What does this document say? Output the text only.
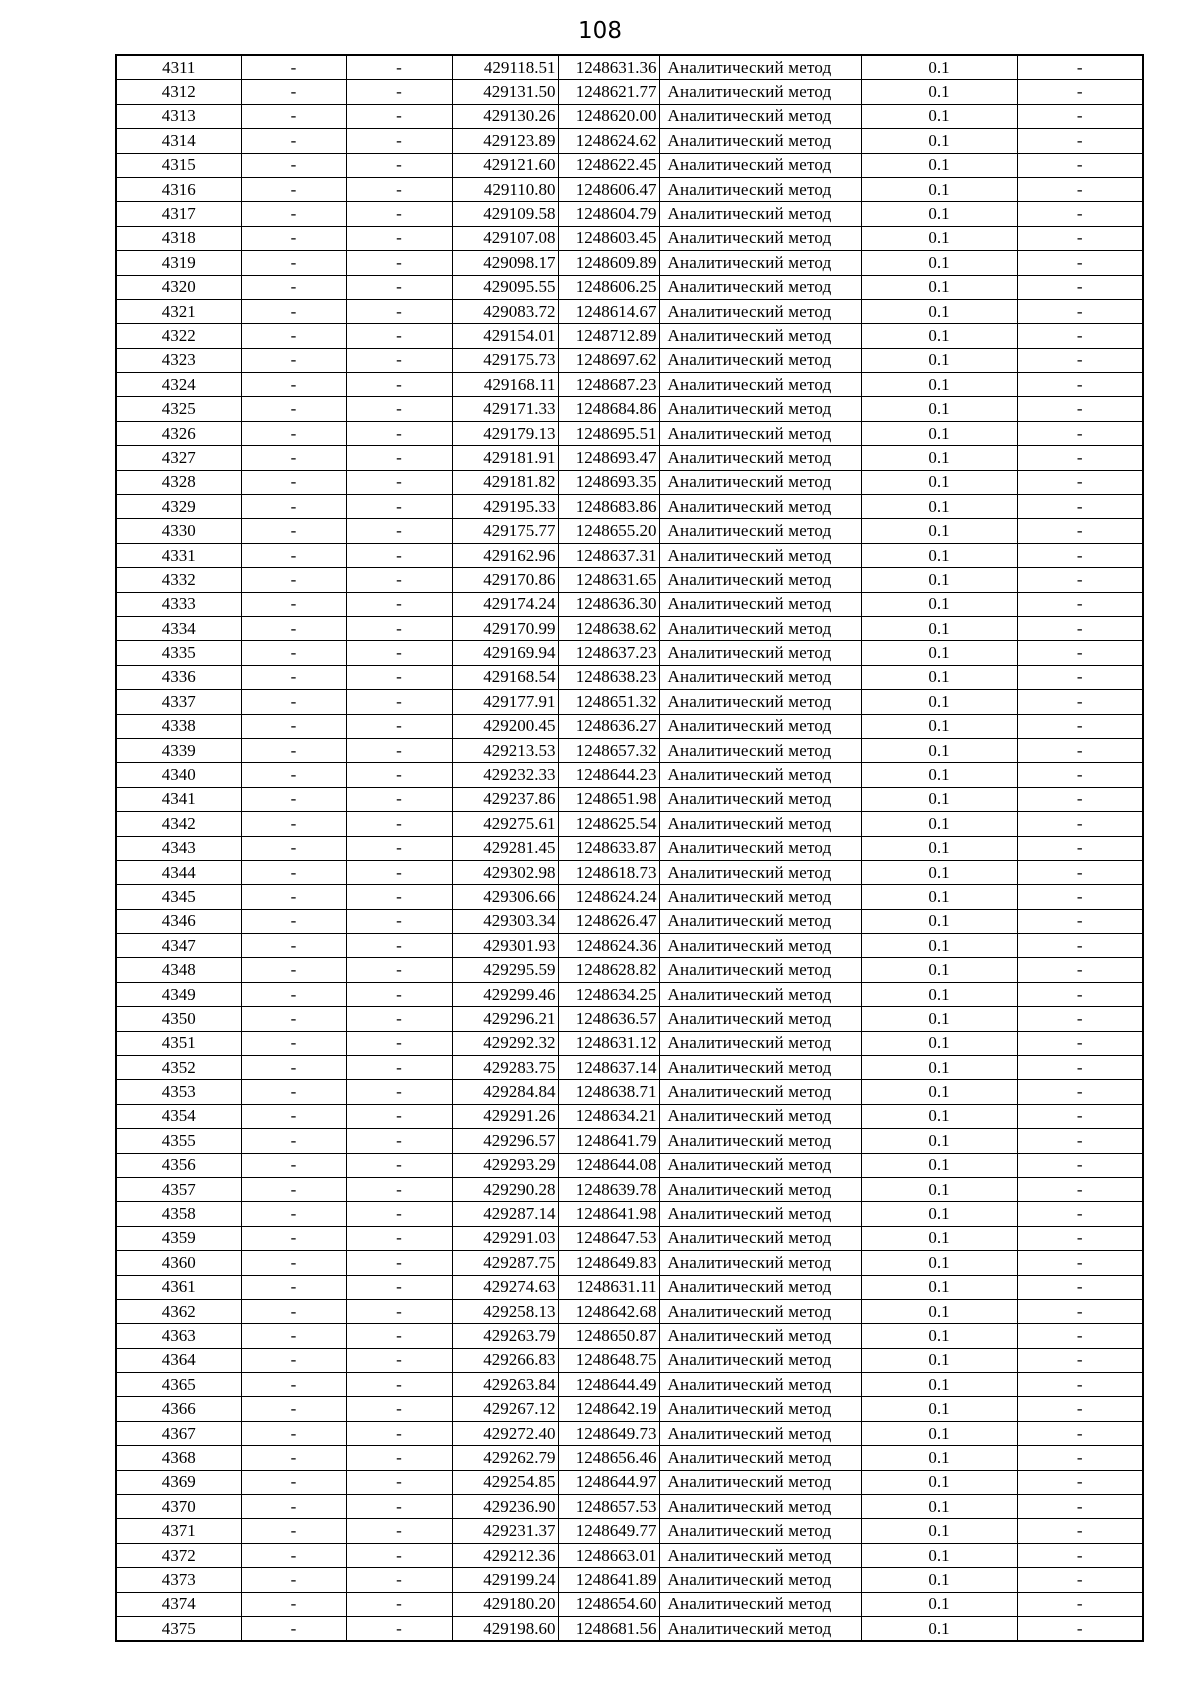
108
4311	-	-	429118.51	1248631.36	Аналитический метод	0.1	-
4312	-	-	429131.50	1248621.77	Аналитический метод	0.1	-
4313	-	-	429130.26	1248620.00	Аналитический метод	0.1	-
4314	-	-	429123.89	1248624.62	Аналитический метод	0.1	-
4315	-	-	429121.60	1248622.45	Аналитический метод	0.1	-
4316	-	-	429110.80	1248606.47	Аналитический метод	0.1	-
4317	-	-	429109.58	1248604.79	Аналитический метод	0.1	-
4318	-	-	429107.08	1248603.45	Аналитический метод	0.1	-
4319	-	-	429098.17	1248609.89	Аналитический метод	0.1	-
4320	-	-	429095.55	1248606.25	Аналитический метод	0.1	-
4321	-	-	429083.72	1248614.67	Аналитический метод	0.1	-
4322	-	-	429154.01	1248712.89	Аналитический метод	0.1	-
4323	-	-	429175.73	1248697.62	Аналитический метод	0.1	-
4324	-	-	429168.11	1248687.23	Аналитический метод	0.1	-
4325	-	-	429171.33	1248684.86	Аналитический метод	0.1	-
4326	-	-	429179.13	1248695.51	Аналитический метод	0.1	-
4327	-	-	429181.91	1248693.47	Аналитический метод	0.1	-
4328	-	-	429181.82	1248693.35	Аналитический метод	0.1	-
4329	-	-	429195.33	1248683.86	Аналитический метод	0.1	-
4330	-	-	429175.77	1248655.20	Аналитический метод	0.1	-
4331	-	-	429162.96	1248637.31	Аналитический метод	0.1	-
4332	-	-	429170.86	1248631.65	Аналитический метод	0.1	-
4333	-	-	429174.24	1248636.30	Аналитический метод	0.1	-
4334	-	-	429170.99	1248638.62	Аналитический метод	0.1	-
4335	-	-	429169.94	1248637.23	Аналитический метод	0.1	-
4336	-	-	429168.54	1248638.23	Аналитический метод	0.1	-
4337	-	-	429177.91	1248651.32	Аналитический метод	0.1	-
4338	-	-	429200.45	1248636.27	Аналитический метод	0.1	-
4339	-	-	429213.53	1248657.32	Аналитический метод	0.1	-
4340	-	-	429232.33	1248644.23	Аналитический метод	0.1	-
4341	-	-	429237.86	1248651.98	Аналитический метод	0.1	-
4342	-	-	429275.61	1248625.54	Аналитический метод	0.1	-
4343	-	-	429281.45	1248633.87	Аналитический метод	0.1	-
4344	-	-	429302.98	1248618.73	Аналитический метод	0.1	-
4345	-	-	429306.66	1248624.24	Аналитический метод	0.1	-
4346	-	-	429303.34	1248626.47	Аналитический метод	0.1	-
4347	-	-	429301.93	1248624.36	Аналитический метод	0.1	-
4348	-	-	429295.59	1248628.82	Аналитический метод	0.1	-
4349	-	-	429299.46	1248634.25	Аналитический метод	0.1	-
4350	-	-	429296.21	1248636.57	Аналитический метод	0.1	-
4351	-	-	429292.32	1248631.12	Аналитический метод	0.1	-
4352	-	-	429283.75	1248637.14	Аналитический метод	0.1	-
4353	-	-	429284.84	1248638.71	Аналитический метод	0.1	-
4354	-	-	429291.26	1248634.21	Аналитический метод	0.1	-
4355	-	-	429296.57	1248641.79	Аналитический метод	0.1	-
4356	-	-	429293.29	1248644.08	Аналитический метод	0.1	-
4357	-	-	429290.28	1248639.78	Аналитический метод	0.1	-
4358	-	-	429287.14	1248641.98	Аналитический метод	0.1	-
4359	-	-	429291.03	1248647.53	Аналитический метод	0.1	-
4360	-	-	429287.75	1248649.83	Аналитический метод	0.1	-
4361	-	-	429274.63	1248631.11	Аналитический метод	0.1	-
4362	-	-	429258.13	1248642.68	Аналитический метод	0.1	-
4363	-	-	429263.79	1248650.87	Аналитический метод	0.1	-
4364	-	-	429266.83	1248648.75	Аналитический метод	0.1	-
4365	-	-	429263.84	1248644.49	Аналитический метод	0.1	-
4366	-	-	429267.12	1248642.19	Аналитический метод	0.1	-
4367	-	-	429272.40	1248649.73	Аналитический метод	0.1	-
4368	-	-	429262.79	1248656.46	Аналитический метод	0.1	-
4369	-	-	429254.85	1248644.97	Аналитический метод	0.1	-
4370	-	-	429236.90	1248657.53	Аналитический метод	0.1	-
4371	-	-	429231.37	1248649.77	Аналитический метод	0.1	-
4372	-	-	429212.36	1248663.01	Аналитический метод	0.1	-
4373	-	-	429199.24	1248641.89	Аналитический метод	0.1	-
4374	-	-	429180.20	1248654.60	Аналитический метод	0.1	-
4375	-	-	429198.60	1248681.56	Аналитический метод	0.1	-
